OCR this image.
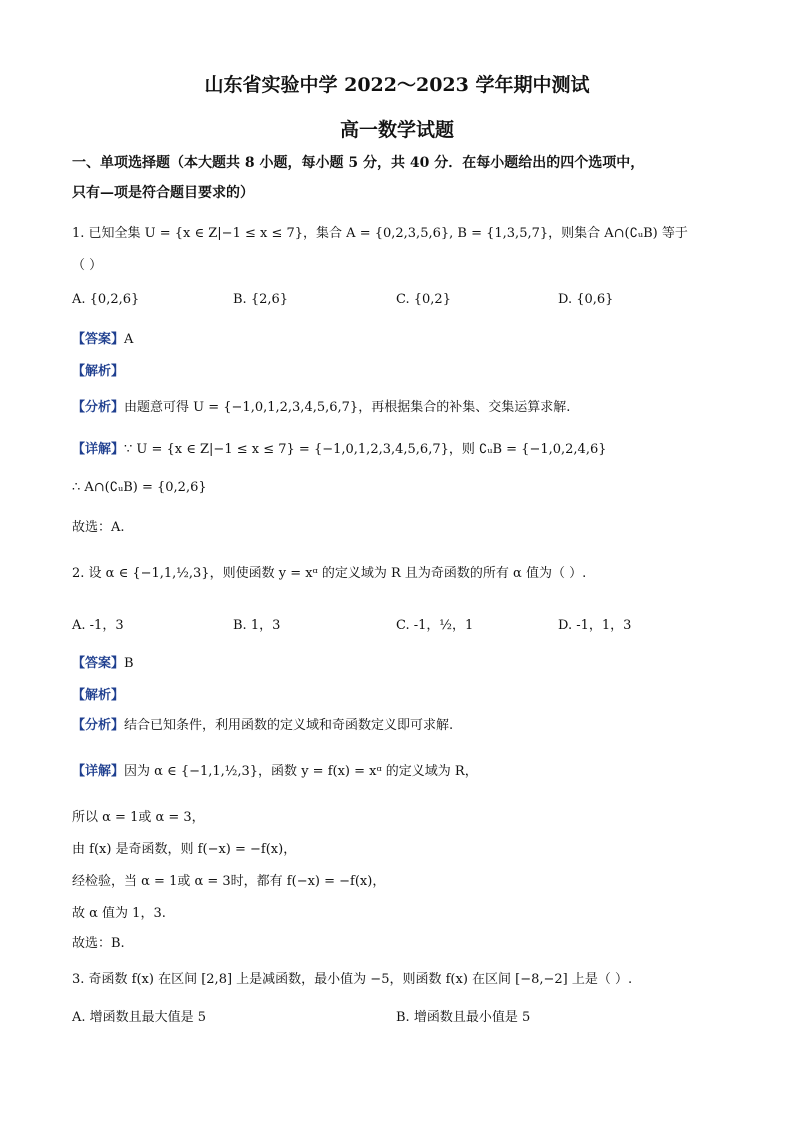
山东省实验中学 2022～2023 学年期中测试
高一数学试题
一、单项选择题（本大题共 8 小题，每小题 5 分，共 40 分．在每小题给出的四个选项中，
只有—项是符合题目要求的）
1. 已知全集 U = {x ∈ Z|−1 ≤ x ≤ 7}，集合 A = {0,2,3,5,6}, B = {1,3,5,7}，则集合 A∩(∁ᵤB) 等于
（ ）
A. {0,2,6}	B. {2,6}	C. {0,2}	D. {0,6}
【答案】A
【解析】
【分析】由题意可得 U = {−1,0,1,2,3,4,5,6,7}，再根据集合的补集、交集运算求解.
【详解】∵ U = {x ∈ Z|−1 ≤ x ≤ 7} = {−1,0,1,2,3,4,5,6,7}，则 ∁ᵤB = {−1,0,2,4,6}
∴ A∩(∁ᵤB) = {0,2,6}
故选：A.
2. 设 α ∈ {−1,1,½,3}，则使函数 y = xᵅ 的定义域为 R 且为奇函数的所有 α 值为（ ）.
A. -1，3	B. 1，3	C. -1，½，1	D. -1，1，3
【答案】B
【解析】
【分析】结合已知条件，利用函数的定义域和奇函数定义即可求解.
【详解】因为 α ∈ {−1,1,½,3}，函数 y = f(x) = xᵅ 的定义域为 R，
所以 α = 1或 α = 3，
由 f(x) 是奇函数，则 f(−x) = −f(x)，
经检验，当 α = 1或 α = 3时，都有 f(−x) = −f(x)，
故 α 值为 1，3.
故选：B.
3. 奇函数 f(x) 在区间 [2,8] 上是减函数，最小值为 −5，则函数 f(x) 在区间 [−8,−2] 上是（ ）.
A. 增函数且最大值是 5	B. 增函数且最小值是 5
